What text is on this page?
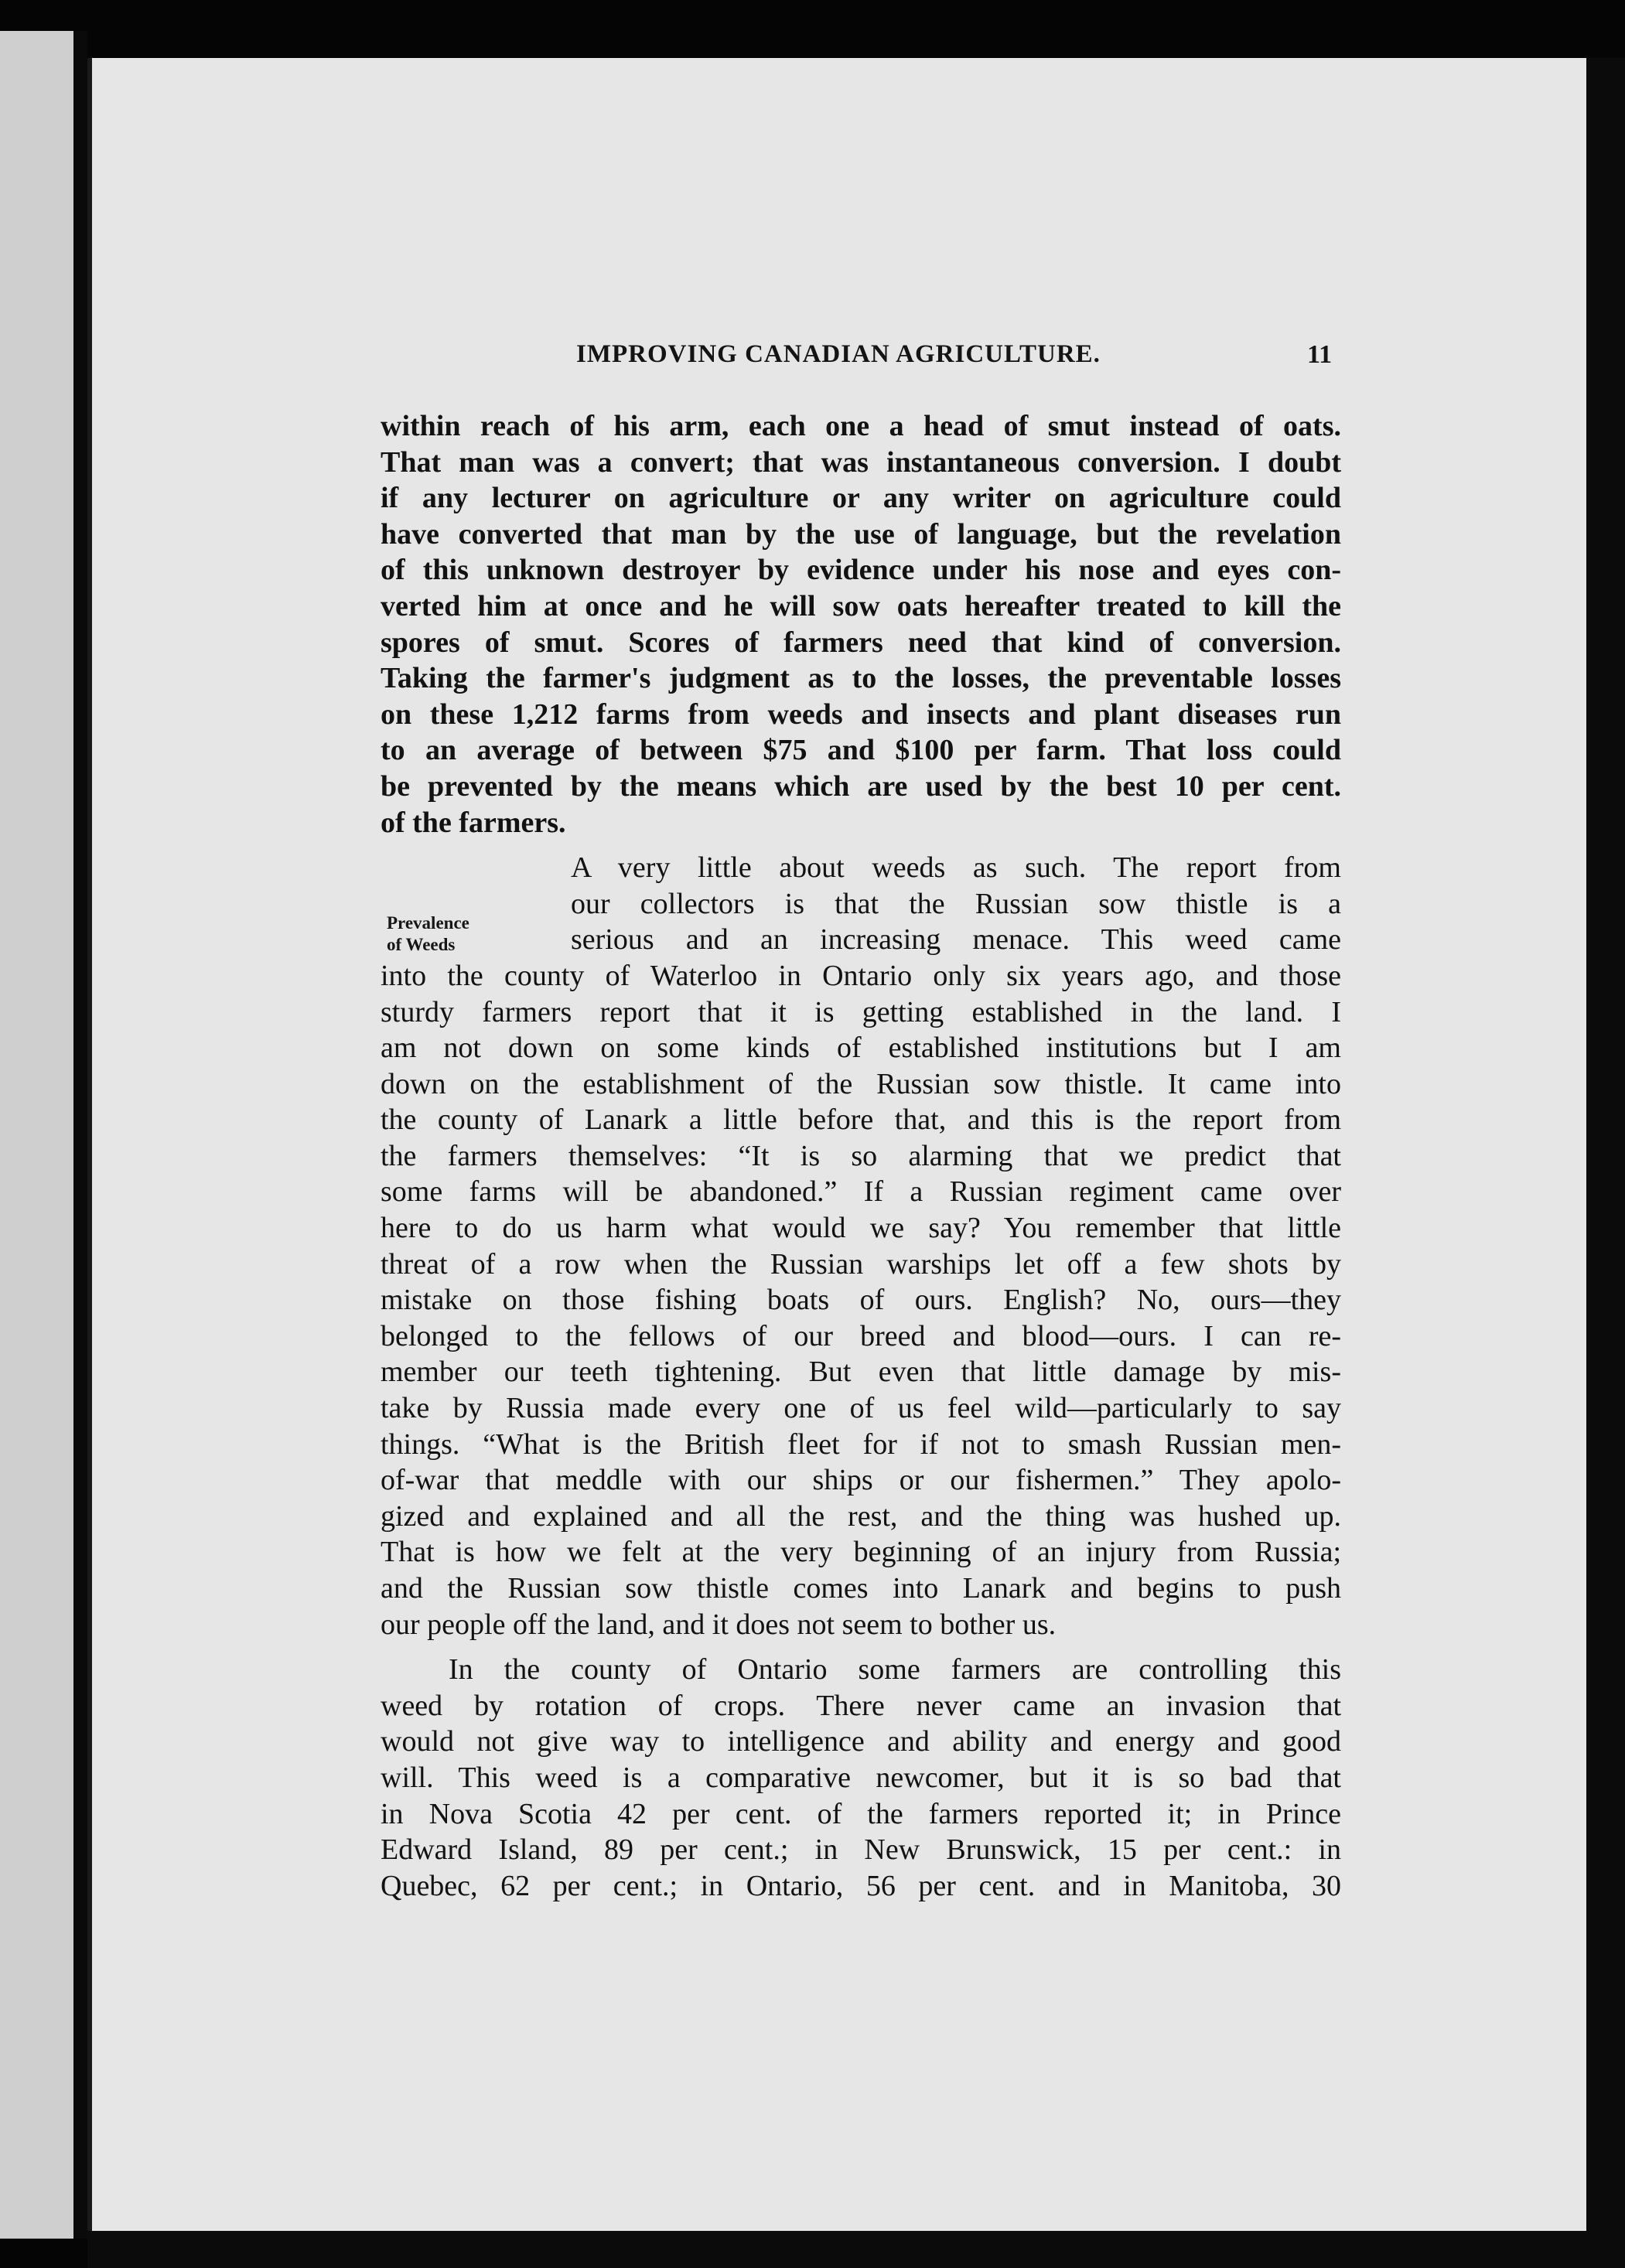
IMPROVING CANADIAN AGRICULTURE.	11
Prevalence
of Weeds
within reach of his arm, each one a head of smut instead of oats.
That man was a convert; that was instantaneous conversion. I doubt
if any lecturer on agriculture or any writer on agriculture could
have converted that man by the use of language, but the revelation
of this unknown destroyer by evidence under his nose and eyes con-
verted him at once and he will sow oats hereafter treated to kill the
spores of smut. Scores of farmers need that kind of conversion.
Taking the farmer's judgment as to the losses, the preventable losses
on these 1,212 farms from weeds and insects and plant diseases run
to an average of between $75 and $100 per farm. That loss could
be prevented by the means which are used by the best 10 per cent.
of the farmers.
A very little about weeds as such. The report from
our collectors is that the Russian sow thistle is a
serious and an increasing menace. This weed came
into the county of Waterloo in Ontario only six years ago, and those
sturdy farmers report that it is getting established in the land. I
am not down on some kinds of established institutions but I am
down on the establishment of the Russian sow thistle. It came into
the county of Lanark a little before that, and this is the report from
the farmers themselves: “It is so alarming that we predict that
some farms will be abandoned.” If a Russian regiment came over
here to do us harm what would we say? You remember that little
threat of a row when the Russian warships let off a few shots by
mistake on those fishing boats of ours. English? No, ours—they
belonged to the fellows of our breed and blood—ours. I can re-
member our teeth tightening. But even that little damage by mis-
take by Russia made every one of us feel wild—particularly to say
things. “What is the British fleet for if not to smash Russian men-
of-war that meddle with our ships or our fishermen.” They apolo-
gized and explained and all the rest, and the thing was hushed up.
That is how we felt at the very beginning of an injury from Russia;
and the Russian sow thistle comes into Lanark and begins to push
our people off the land, and it does not seem to bother us.
In the county of Ontario some farmers are controlling this
weed by rotation of crops. There never came an invasion that
would not give way to intelligence and ability and energy and good
will. This weed is a comparative newcomer, but it is so bad that
in Nova Scotia 42 per cent. of the farmers reported it; in Prince
Edward Island, 89 per cent.; in New Brunswick, 15 per cent.: in
Quebec, 62 per cent.; in Ontario, 56 per cent. and in Manitoba, 30
